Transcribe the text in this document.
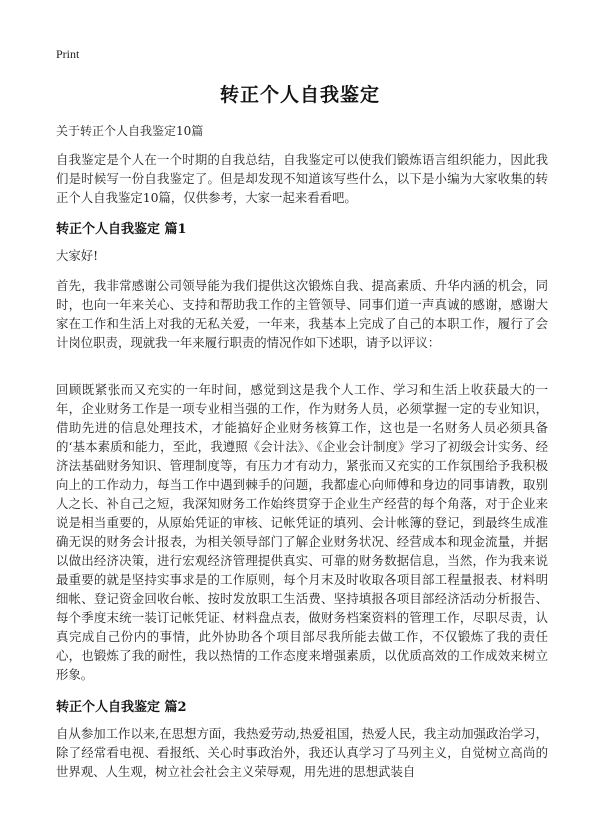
Print
转正个人自我鉴定
关于转正个人自我鉴定10篇

自我鉴定是个人在一个时期的自我总结，自我鉴定可以使我们锻炼语言组织能力，因此我们是时候写一份自我鉴定了。但是却发现不知道该写些什么，以下是小编为大家收集的转正个人自我鉴定10篇，仅供参考，大家一起来看看吧。

转正个人自我鉴定 篇1

大家好!

首先，我非常感谢公司领导能为我们提供这次锻炼自我、提高素质、升华内涵的机会，同时，也向一年来关心、支持和帮助我工作的主管领导、同事们道一声真诚的感谢，感谢大家在工作和生活上对我的无私关爱，一年来，我基本上完成了自己的本职工作，履行了会计岗位职责，现就我一年来履行职责的情况作如下述职，请予以评议：

回顾既紧张而又充实的一年时间，感觉到这是我个人工作、学习和生活上收获最大的一年，企业财务工作是一项专业相当强的工作，作为财务人员，必须掌握一定的专业知识，借助先进的信息处理技术，才能搞好企业财务核算工作，这也是一名财务人员必须具备的‘基本素质和能力，至此，我遵照《会计法》、《企业会计制度》学习了初级会计实务、经济法基础财务知识、管理制度等，有压力才有动力，紧张而又充实的工作氛围给予我积极向上的工作动力，每当工作中遇到棘手的问题，我都虚心向师傅和身边的同事请教，取别人之长、补自己之短，我深知财务工作始终贯穿于企业生产经营的每个角落，对于企业来说是相当重要的，从原始凭证的审核、记帐凭证的填列、会计帐簿的登记，到最终生成准确无误的财务会计报表，为相关领导部门了解企业财务状况、经营成本和现金流量，并据以做出经济决策，进行宏观经济管理提供真实、可靠的财务数据信息，当然，作为我来说最重要的就是坚持实事求是的工作原则，每个月末及时收取各项目部工程量报表、材料明细帐、登记资金回收台帐、按时发放职工生活费、坚持填报各项目部经济活动分析报告、每个季度末统一装订记帐凭证、材料盘点表，做财务档案资料的管理工作，尽职尽责，认真完成自己份内的事情，此外协助各个项目部尽我所能去做工作，不仅锻炼了我的责任心，也锻炼了我的耐性，我以热情的工作态度来增强素质，以优质高效的工作成效来树立形象。

转正个人自我鉴定 篇2

自从参加工作以来,在思想方面，我热爱劳动,热爱祖国，热爱人民，我主动加强政治学习，除了经常看电视、看报纸、关心时事政治外，我还认真学习了马列主义，自觉树立高尚的世界观、人生观，树立社会社会主义荣辱观，用先进的思想武装自
